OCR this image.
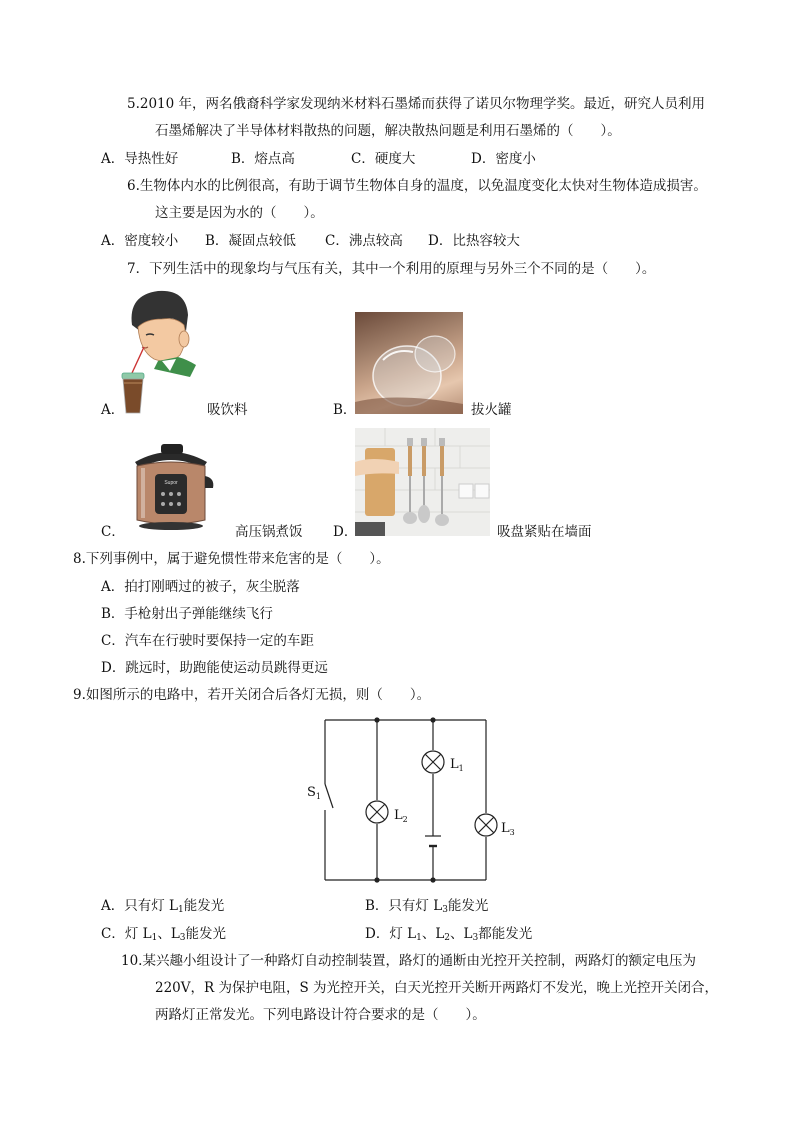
5.2010 年，两名俄裔科学家发现纳米材料石墨烯而获得了诺贝尔物理学奖。最近，研究人员利用
石墨烯解决了半导体材料散热的问题，解决散热问题是利用石墨烯的（　　）。
A．导热性好	B．熔点高	C．硬度大	D．密度小
6.生物体内水的比例很高，有助于调节生物体自身的温度，以免温度变化太快对生物体造成损害。
这主要是因为水的（　　）。
A．密度较小 B．凝固点较低 C．沸点较高 D．比热容较大
7．下列生活中的现象均与气压有关，其中一个利用的原理与另外三个不同的是（　　）。
A．	吸饮料	B．	拔火罐
Supor
C．	高压锅煮饭 D．	吸盘紧贴在墙面
8.下列事例中，属于避免惯性带来危害的是（　　）。
A．拍打刚晒过的被子，灰尘脱落
B．手枪射出子弹能继续飞行
C．汽车在行驶时要保持一定的车距
D．跳远时，助跑能使运动员跳得更远
9.如图所示的电路中，若开关闭合后各灯无损，则（　　）。
$S_1$
$L_1$
$L_2$
$L_3$
A．只有灯 $L_1$能发光	B．只有灯 $L_3$能发光
C．灯 $L_1$、$L_3$能发光	D．灯 $L_1$、$L_2$、$L_3$都能发光
10.某兴趣小组设计了一种路灯自动控制装置，路灯的通断由光控开关控制，两路灯的额定电压为
220V，R 为保护电阻，S 为光控开关，白天光控开关断开两路灯不发光，晚上光控开关闭合，
两路灯正常发光。下列电路设计符合要求的是（　　）。
